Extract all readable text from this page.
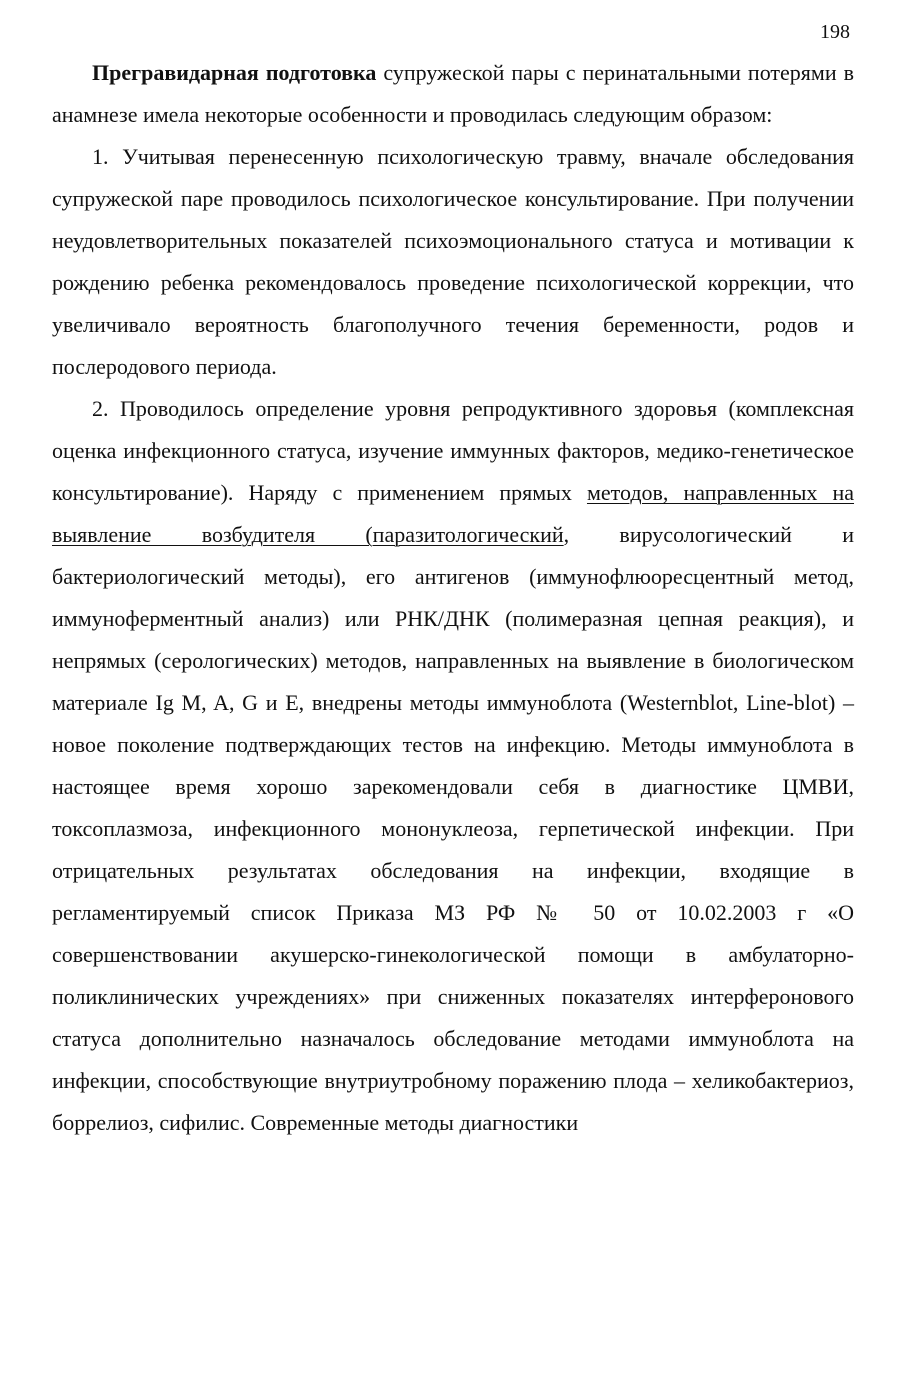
198

Прегравидарная подготовка супружеской пары с перинатальными потерями в анамнезе имела некоторые особенности и проводилась следующим образом:

1. Учитывая перенесенную психологическую травму, вначале обследования супружеской паре проводилось психологическое консультирование. При получении неудовлетворительных показателей психоэмоционального статуса и мотивации к рождению ребенка рекомендовалось проведение психологической коррекции, что увеличивало вероятность благополучного течения беременности, родов и послеродового периода.

2. Проводилось определение уровня репродуктивного здоровья (комплексная оценка инфекционного статуса, изучение иммунных факторов, медико-генетическое консультирование). Наряду с применением прямых методов, направленных на выявление возбудителя (паразитологический, вирусологический и бактериологический методы), его антигенов (иммунофлюоресцентный метод, иммуноферментный анализ) или РНК/ДНК (полимеразная цепная реакция), и непрямых (серологических) методов, направленных на выявление в биологическом материале Ig M, A, G и E, внедрены методы иммуноблота (Westernblot, Line-blot) – новое поколение подтверждающих тестов на инфекцию. Методы иммуноблота в настоящее время хорошо зарекомендовали себя в диагностике ЦМВИ, токсоплазмоза, инфекционного мононуклеоза, герпетической инфекции. При отрицательных результатах обследования на инфекции, входящие в регламентируемый список Приказа МЗ РФ № 50 от 10.02.2003 г «О совершенствовании акушерско-гинекологической помощи в амбулаторно-поликлинических учреждениях» при сниженных показателях интерферонового статуса дополнительно назначалось обследование методами иммуноблота на инфекции, способствующие внутриутробному поражению плода – хеликобактериоз, боррелиоз, сифилис. Современные методы диагностики
